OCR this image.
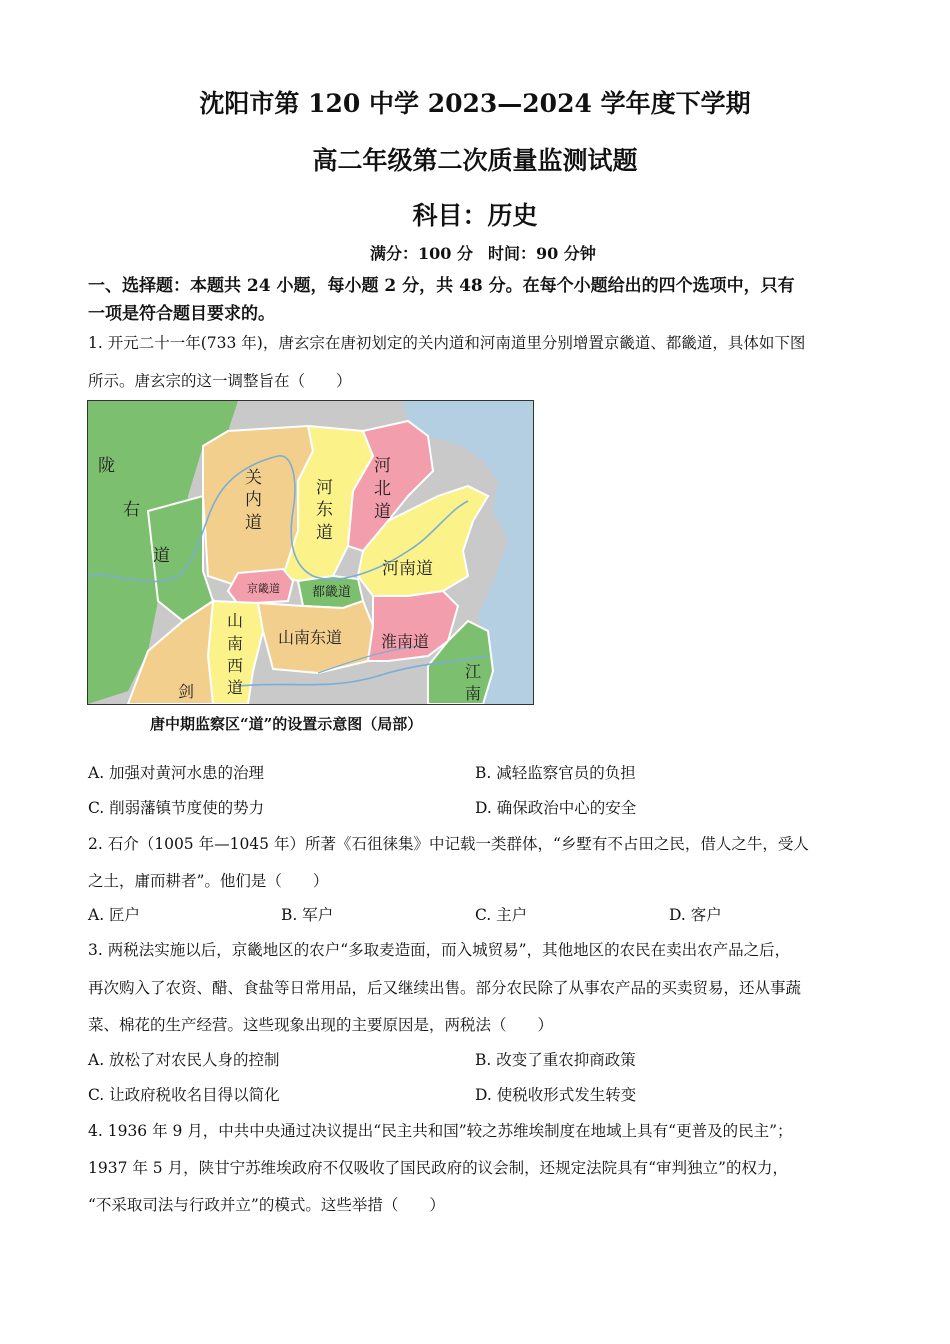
沈阳市第 120 中学 2023—2024 学年度下学期
高二年级第二次质量监测试题
科目：历史
满分：100 分 时间：90 分钟
一、选择题：本题共 24 小题，每小题 2 分，共 48 分。在每个小题给出的四个选项中，只有
一项是符合题目要求的。
1. 开元二十一年(733 年)，唐玄宗在唐初划定的关内道和河南道里分别增置京畿道、都畿道，具体如下图
所示。唐玄宗的这一调整旨在（　　）
陇
右
道
关
内
道
河
东
道
河
北
道
河南道
京畿道 都畿道
山
南
西
道
山南东道 淮南道
江
南
剑
唐中期监察区“道”的设置示意图（局部）
A. 加强对黄河水患的治理	B. 减轻监察官员的负担
C. 削弱藩镇节度使的势力	D. 确保政治中心的安全
2. 石介（1005 年—1045 年）所著《石徂徕集》中记载一类群体，“乡墅有不占田之民，借人之牛，受人
之土，庸而耕者”。他们是（　　）
A. 匠户	B. 军户	C. 主户	D. 客户
3. 两税法实施以后，京畿地区的农户“多取麦造面，而入城贸易”，其他地区的农民在卖出农产品之后，
再次购入了农资、醋、食盐等日常用品，后又继续出售。部分农民除了从事农产品的买卖贸易，还从事蔬
菜、棉花的生产经营。这些现象出现的主要原因是，两税法（　　）
A. 放松了对农民人身的控制	B. 改变了重农抑商政策
C. 让政府税收名目得以简化	D. 使税收形式发生转变
4. 1936 年 9 月，中共中央通过决议提出“民主共和国”较之苏维埃制度在地域上具有“更普及的民主”；
1937 年 5 月，陕甘宁苏维埃政府不仅吸收了国民政府的议会制，还规定法院具有“审判独立”的权力，
“不采取司法与行政并立”的模式。这些举措（　　）
